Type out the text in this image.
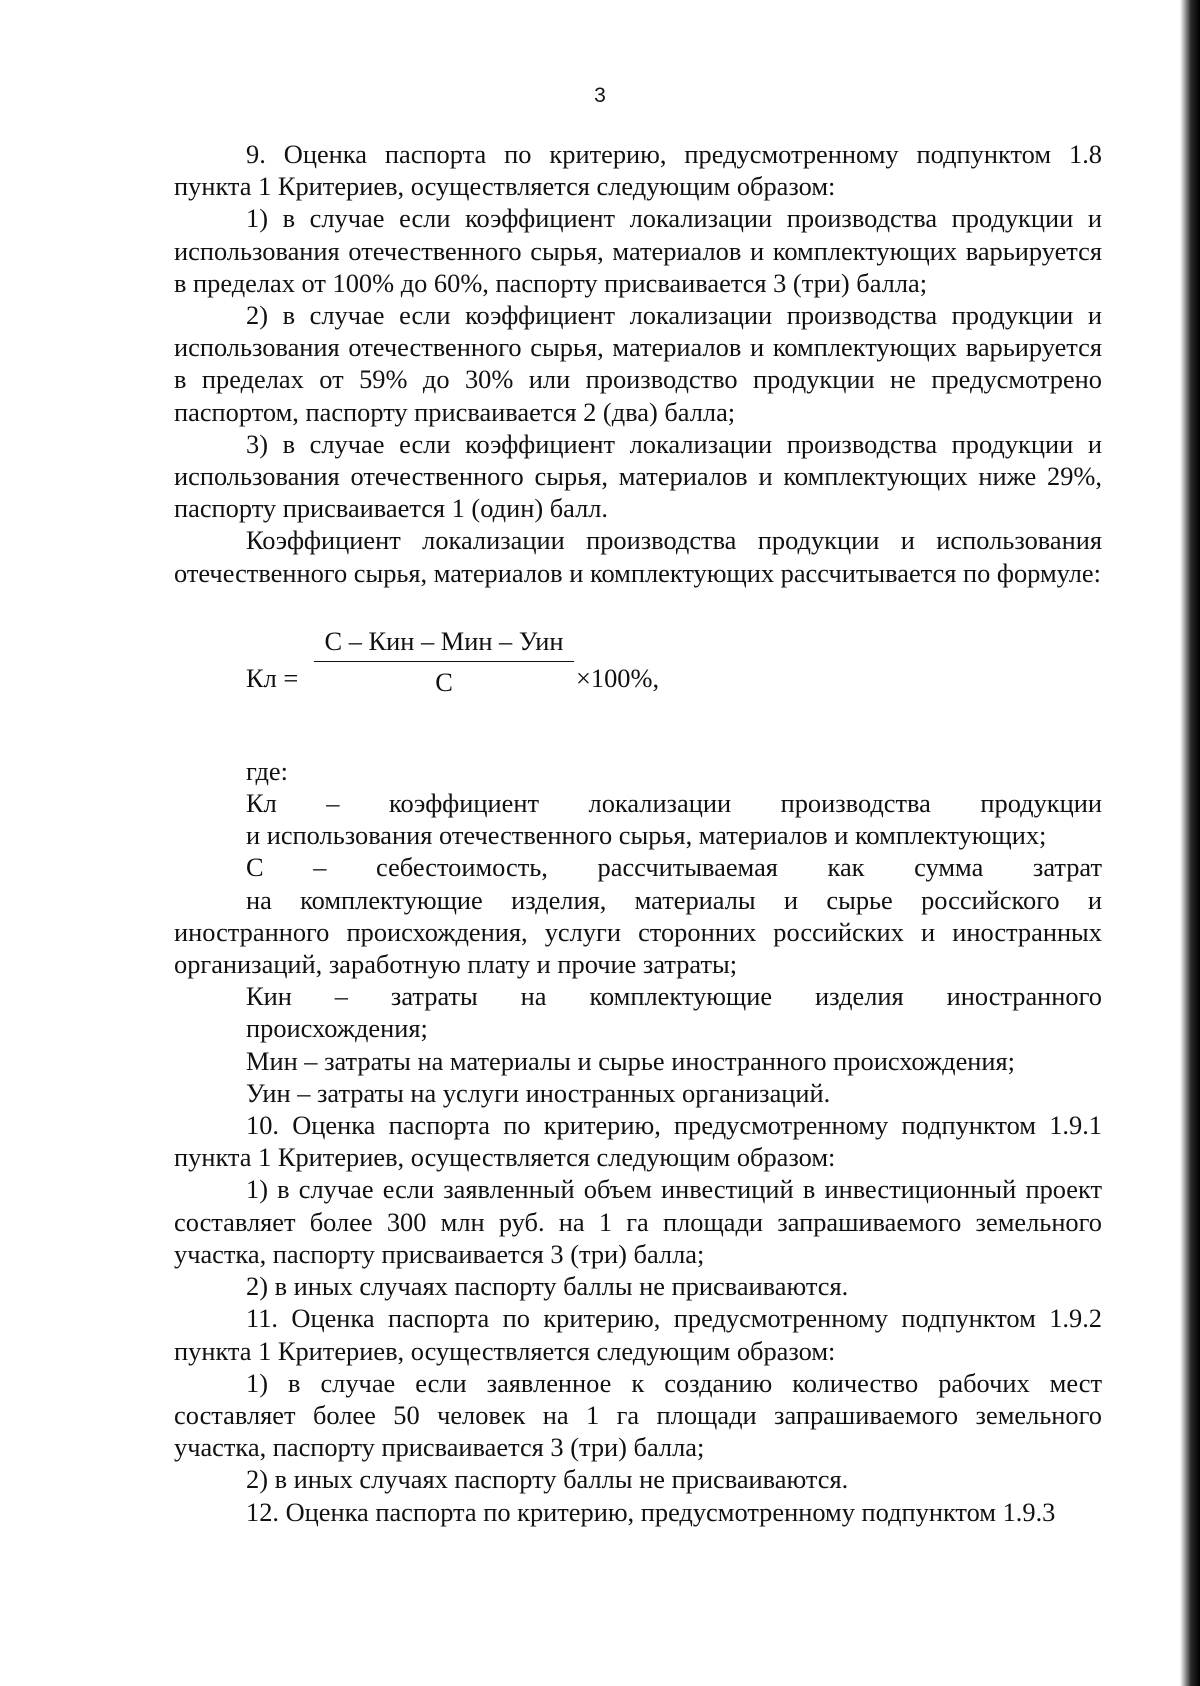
3

9. Оценка паспорта по критерию, предусмотренному подпунктом 1.8 пункта 1 Критериев, осуществляется следующим образом:

1) в случае если коэффициент локализации производства продукции и использования отечественного сырья, материалов и комплектующих варьируется в пределах от 100% до 60%, паспорту присваивается 3 (три) балла;

2) в случае если коэффициент локализации производства продукции и использования отечественного сырья, материалов и комплектующих варьируется в пределах от 59% до 30% или производство продукции не предусмотрено паспортом, паспорту присваивается 2 (два) балла;

3) в случае если коэффициент локализации производства продукции и использования отечественного сырья, материалов и комплектующих ниже 29%, паспорту присваивается 1 (один) балл.

Коэффициент локализации производства продукции и использования отечественного сырья, материалов и комплектующих рассчитывается по формуле:

Кл =
С – Кин – Мин – Уин
С	×100%,

где:

Кл – коэффициент локализации производства продукции

и использования отечественного сырья, материалов и комплектующих;

С – себестоимость, рассчитываемая как сумма затрат

на комплектующие изделия, материалы и сырье российского и иностранного происхождения, услуги сторонних российских и иностранных организаций, заработную плату и прочие затраты;

Кин – затраты на комплектующие изделия иностранного

происхождения;

Мин – затраты на материалы и сырье иностранного происхождения;

Уин – затраты на услуги иностранных организаций.

10. Оценка паспорта по критерию, предусмотренному подпунктом 1.9.1 пункта 1 Критериев, осуществляется следующим образом:

1) в случае если заявленный объем инвестиций в инвестиционный проект составляет более 300 млн руб. на 1 га площади запрашиваемого земельного участка, паспорту присваивается 3 (три) балла;

2) в иных случаях паспорту баллы не присваиваются.

11. Оценка паспорта по критерию, предусмотренному подпунктом 1.9.2 пункта 1 Критериев, осуществляется следующим образом:

1) в случае если заявленное к созданию количество рабочих мест составляет более 50 человек на 1 га площади запрашиваемого земельного участка, паспорту присваивается 3 (три) балла;

2) в иных случаях паспорту баллы не присваиваются.

12. Оценка паспорта по критерию, предусмотренному подпунктом 1.9.3
